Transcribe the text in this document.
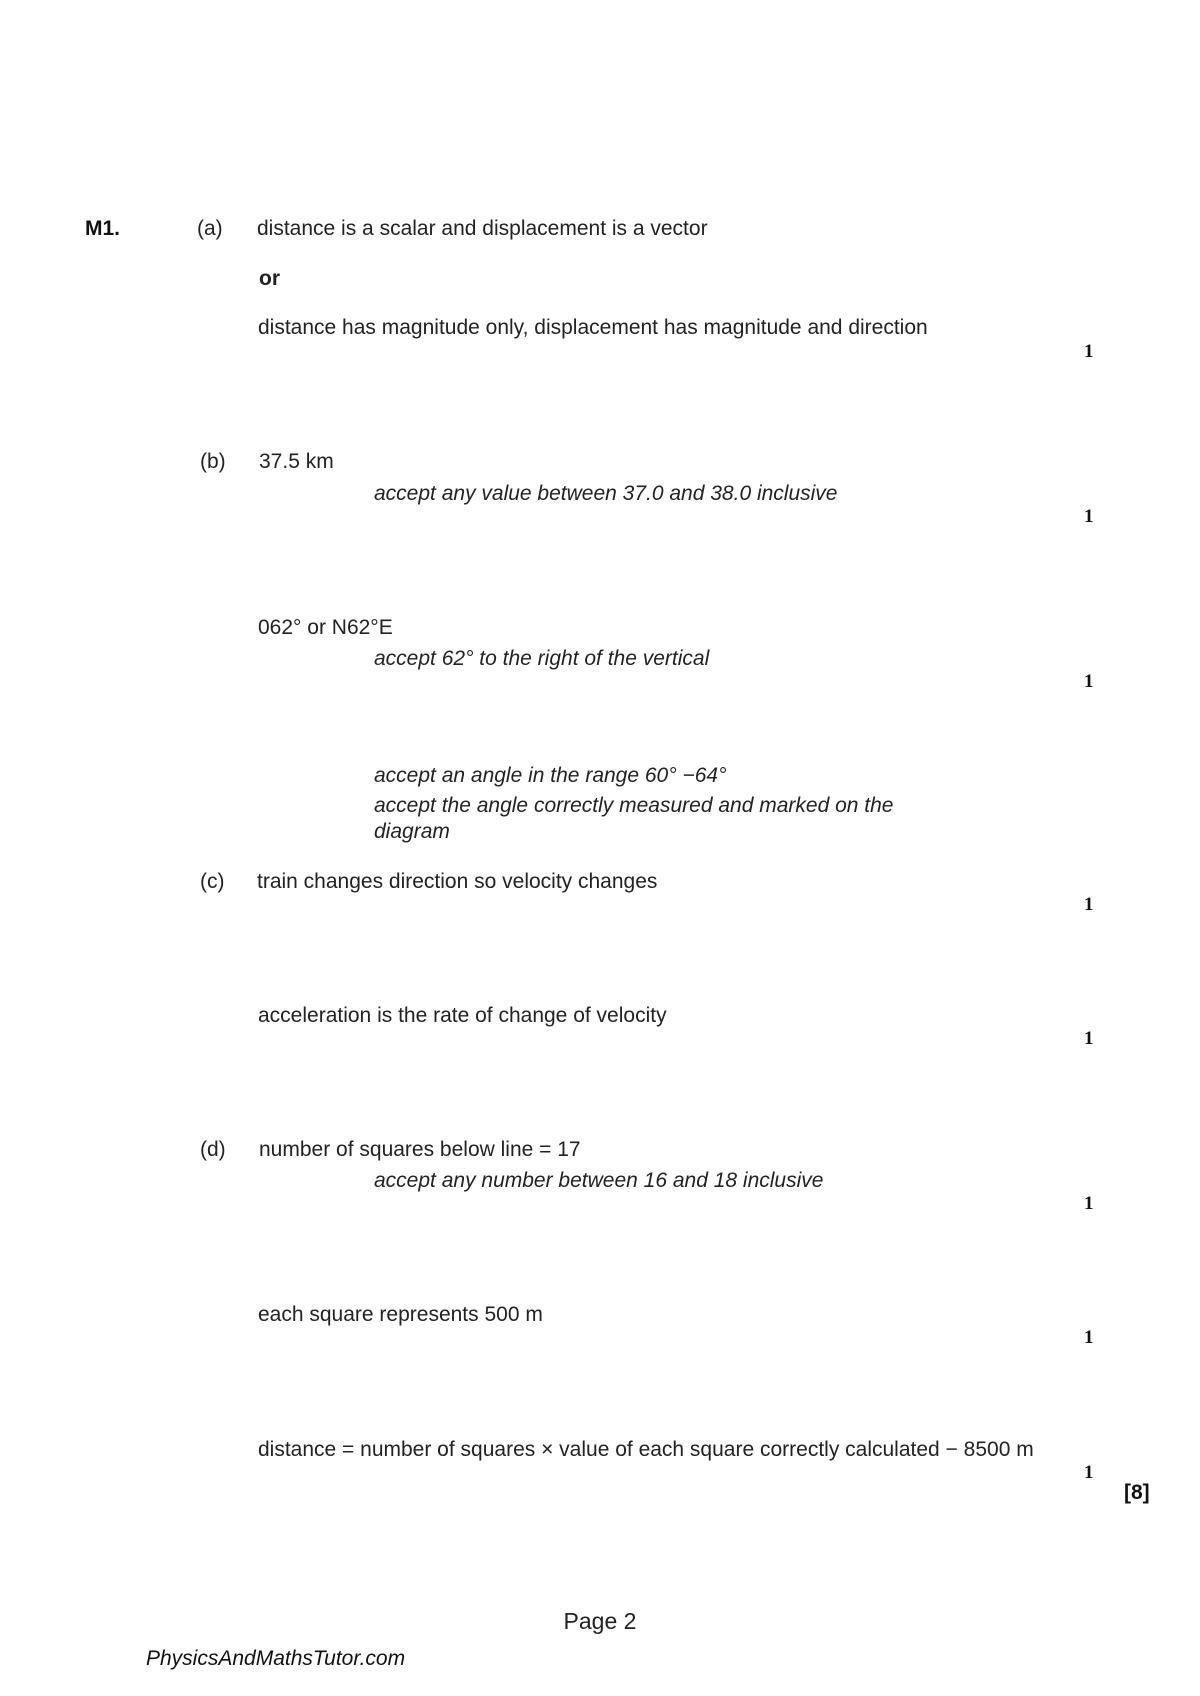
M1.	(a) distance is a scalar and displacement is a vector
or
distance has magnitude only, displacement has magnitude and direction
1
(b) 37.5 km
accept any value between 37.0 and 38.0 inclusive
1
062° or N62°E
accept 62° to the right of the vertical
1
accept an angle in the range 60° −64°
accept the angle correctly measured and marked on the
diagram
(c) train changes direction so velocity changes
1
acceleration is the rate of change of velocity
1
(d) number of squares below line = 17
accept any number between 16 and 18 inclusive
1
each square represents 500 m
1
distance = number of squares × value of each square correctly calculated − 8500 m
1
[8]
Page 2
PhysicsAndMathsTutor.com
